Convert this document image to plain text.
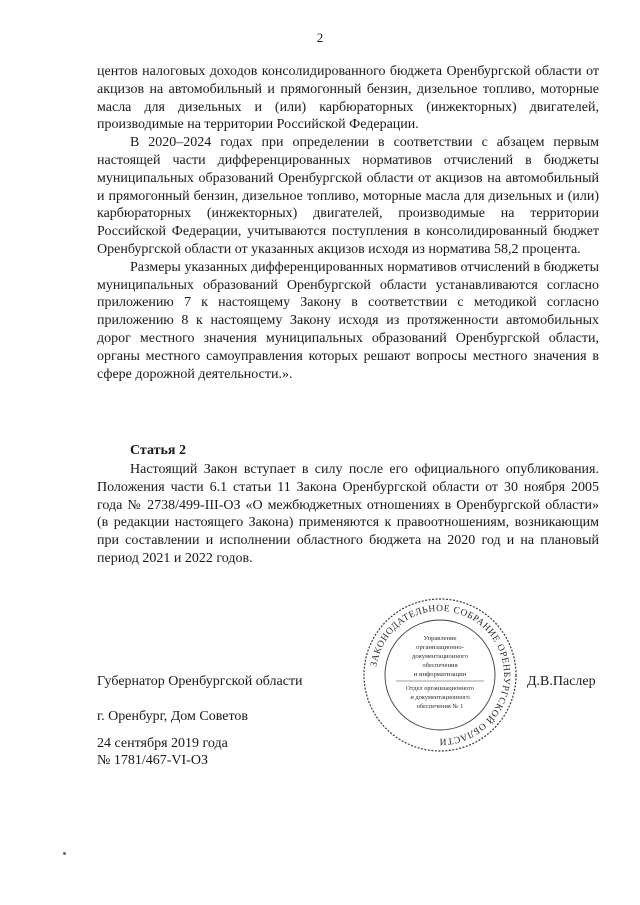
2

центов налоговых доходов консолидированного бюджета Оренбургской области от акцизов на автомобильный и прямогонный бензин, дизельное топливо, моторные масла для дизельных и (или) карбюраторных (инжекторных) двигателей, производимые на территории Российской Федерации.

В 2020–2024 годах при определении в соответствии с абзацем первым настоящей части дифференцированных нормативов отчислений в бюджеты муниципальных образований Оренбургской области от акцизов на автомобильный и прямогонный бензин, дизельное топливо, моторные масла для дизельных и (или) карбюраторных (инжекторных) двигателей, производимые на территории Российской Федерации, учитываются поступления в консолидированный бюджет Оренбургской области от указанных акцизов исходя из норматива 58,2 процента.

Размеры указанных дифференцированных нормативов отчислений в бюджеты муниципальных образований Оренбургской области устанавливаются согласно приложению 7 к настоящему Закону в соответствии с методикой согласно приложению 8 к настоящему Закону исходя из протяженности автомобильных дорог местного значения муниципальных образований Оренбургской области, органы местного самоуправления которых решают вопросы местного значения в сфере дорожной деятельности.».

Статья 2

Настоящий Закон вступает в силу после его официального опубликования. Положения части 6.1 статьи 11 Закона Оренбургской области от 30 ноября 2005 года № 2738/499-III-ОЗ «О межбюджетных отношениях в Оренбургской области» (в редакции настоящего Закона) применяются к правоотношениям, возникающим при составлении и исполнении областного бюджета на 2020 год и на плановый период 2021 и 2022 годов.

Губернатор Оренбургской области	Д.В.Паслер
г. Оренбург, Дом Советов
24 сентября 2019 года
№ 1781/467-VI-ОЗ
ЗАКОНОДАТЕЛЬНОЕ СОБРАНИЕ ОРЕНБУРГСКОЙ ОБЛАСТИ
Управление
организационно-
документационного
обеспечения
и информатизации
Отдел организационного
и документационного
обеспечения № 1
